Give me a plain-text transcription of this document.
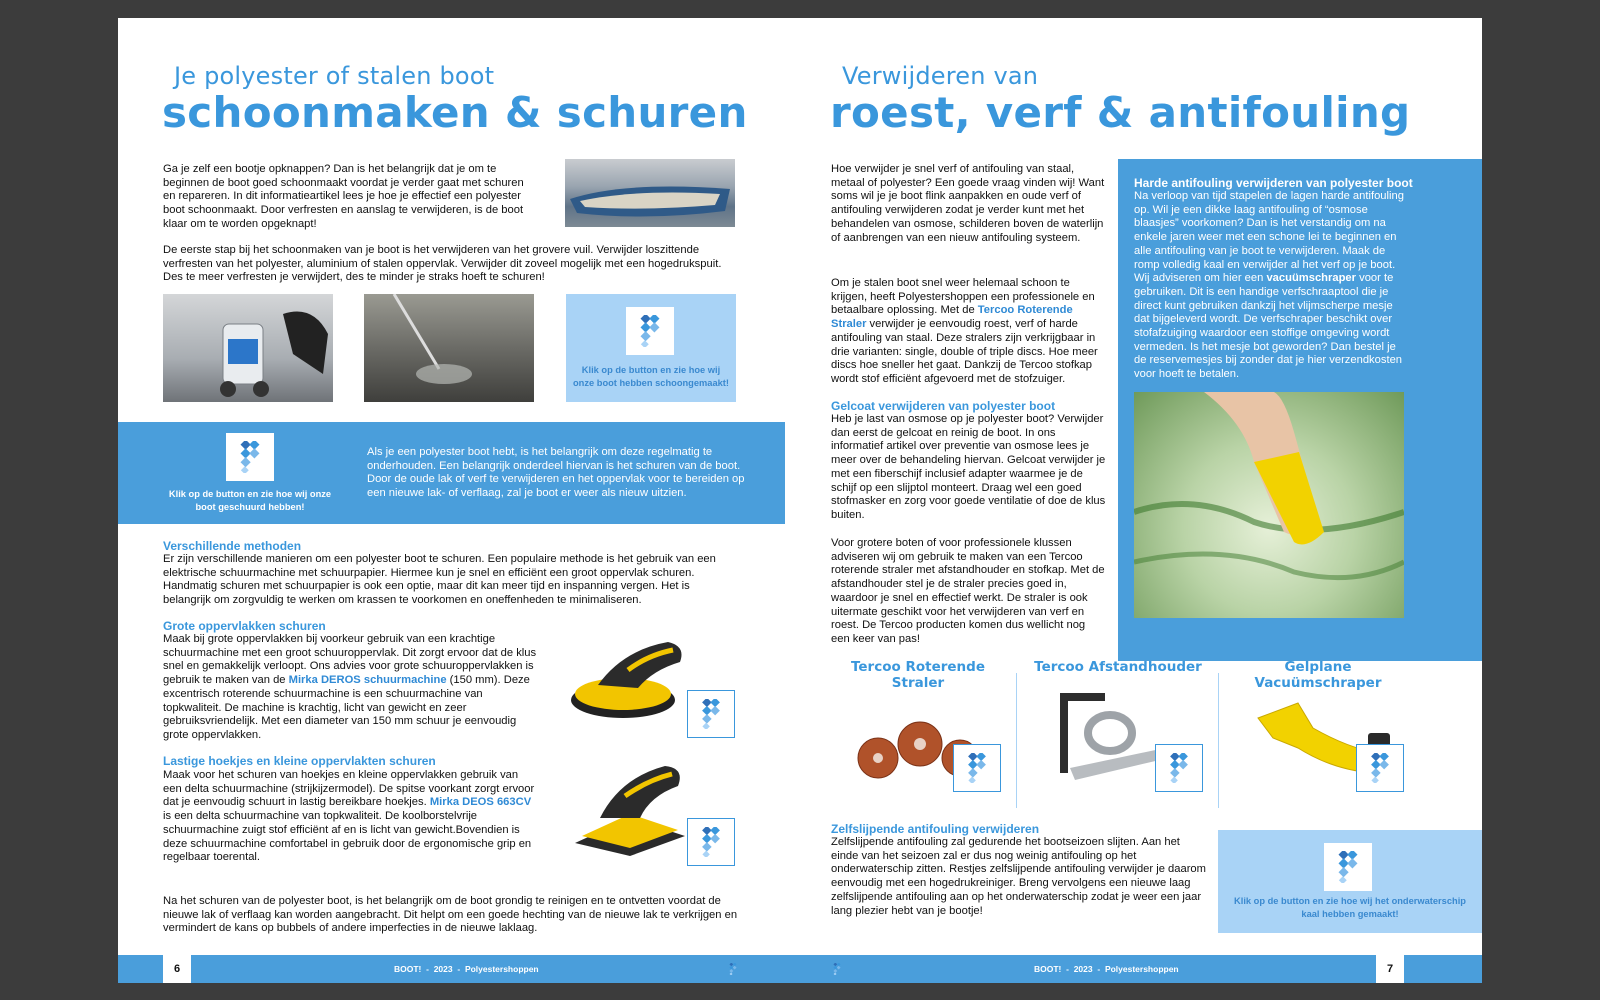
Je polyester of stalen boot
schoonmaken & schuren
Ga je zelf een bootje opknappen? Dan is het belangrijk dat je om te beginnen de boot goed schoonmaakt voordat je verder gaat met schuren en repareren. In dit informatieartikel lees je hoe je effectief een polyester boot schoonmaakt. Door verfresten en aanslag te verwijderen, is de boot klaar om te worden opgeknapt!
De eerste stap bij het schoonmaken van je boot is het verwijderen van het grovere vuil. Verwijder loszittende verfresten van het polyester, aluminium of stalen oppervlak. Verwijder dit zoveel mogelijk met een hogedrukspuit. Des te meer verfresten je verwijdert, des te minder je straks hoeft te schuren!
Klik op de button en zie hoe wij onze boot hebben schoongemaakt!
Klik op de button en zie hoe wij onze boot geschuurd hebben!
Als je een polyester boot hebt, is het belangrijk om deze regelmatig te onderhouden. Een belangrijk onderdeel hiervan is het schuren van de boot. Door de oude lak of verf te verwijderen en het oppervlak voor te bereiden op een nieuwe lak- of verflaag, zal je boot er weer als nieuw uitzien.
Verschillende methoden
Er zijn verschillende manieren om een polyester boot te schuren. Een populaire methode is het gebruik van een elektrische schuurmachine met schuurpapier. Hiermee kun je snel en efficiënt een groot oppervlak schuren. Handmatig schuren met schuurpapier is ook een optie, maar dit kan meer tijd en inspanning vergen. Het is belangrijk om zorgvuldig te werken om krassen te voorkomen en oneffenheden te minimaliseren.
Grote oppervlakken schuren
Maak bij grote oppervlakken bij voorkeur gebruik van een krachtige schuurmachine met een groot schuuroppervlak. Dit zorgt ervoor dat de klus snel en gemakkelijk verloopt. Ons advies voor grote schuuroppervlakken is gebruik te maken van de Mirka DEROS schuurmachine (150 mm). Deze excentrisch roterende schuurmachine is een schuurmachine van topkwaliteit. De machine is krachtig, licht van gewicht en zeer gebruiksvriendelijk. Met een diameter van 150 mm schuur je eenvoudig grote oppervlakken.
Lastige hoekjes en kleine oppervlakten schuren
Maak voor het schuren van hoekjes en kleine oppervlakken gebruik van een delta schuurmachine (strijkijzermodel). De spitse voorkant zorgt ervoor dat je eenvoudig schuurt in lastig bereikbare hoekjes. Mirka DEOS 663CV is een delta schuurmachine van topkwaliteit. De koolborstelvrije schuurmachine zuigt stof efficiënt af en is licht van gewicht.Bovendien is deze schuurmachine comfortabel in gebruik door de ergonomische grip en regelbaar toerental.
Na het schuren van de polyester boot, is het belangrijk om de boot grondig te reinigen en te ontvetten voordat de nieuwe lak of verflaag kan worden aangebracht. Dit helpt om een goede hechting van de nieuwe lak te verkrijgen en vermindert de kans op bubbels of andere imperfecties in de nieuwe laklaag.
Verwijderen van
roest, verf & antifouling
Hoe verwijder je snel verf of antifouling van staal, metaal of polyester? Een goede vraag vinden wij! Want soms wil je je boot flink aanpakken en oude verf of antifouling verwijderen zodat je verder kunt met het behandelen van osmose, schilderen boven de waterlijn of aanbrengen van een nieuw antifouling systeem.
Om je stalen boot snel weer helemaal schoon te krijgen, heeft Polyestershoppen een professionele en betaalbare oplossing. Met de Tercoo Roterende Straler verwijder je eenvoudig roest, verf of harde antifouling van staal. Deze stralers zijn verkrijgbaar in drie varianten: single, double of triple discs. Hoe meer discs hoe sneller het gaat. Dankzij de Tercoo stofkap wordt stof efficiënt afgevoerd met de stofzuiger.
Gelcoat verwijderen van polyester boot
Heb je last van osmose op je polyester boot? Verwijder dan eerst de gelcoat en reinig de boot. In ons informatief artikel over preventie van osmose lees je meer over de behandeling hiervan. Gelcoat verwijder je met een fiberschijf inclusief adapter waarmee je de schijf op een slijptol monteert. Draag wel een goed stofmasker en zorg voor goede ventilatie of doe de klus buiten.
Voor grotere boten of voor professionele klussen adviseren wij om gebruik te maken van een Tercoo roterende straler met afstandhouder en stofkap. Met de afstandhouder stel je de straler precies goed in, waardoor je snel en effectief werkt. De straler is ook uitermate geschikt voor het verwijderen van verf en roest. De Tercoo producten komen dus wellicht nog een keer van pas!
Harde antifouling verwijderen van polyester boot
Na verloop van tijd stapelen de lagen harde antifouling op. Wil je een dikke laag antifouling of “osmose blaasjes” voorkomen? Dan is het verstandig om na enkele jaren weer met een schone lei te beginnen en alle antifouling van je boot te verwijderen. Maak de romp volledig kaal en verwijder al het verf op je boot. Wij adviseren om hier een vacuümschraper voor te gebruiken. Dit is een handige verfschraaptool die je direct kunt gebruiken dankzij het vlijmscherpe mesje dat bijgeleverd wordt. De verfschraper beschikt over stofafzuiging waardoor een stoffige omgeving wordt vermeden. Is het mesje bot geworden? Dan bestel je de reservemesjes bij zonder dat je hier verzendkosten voor hoeft te betalen.
Tercoo Roterende Straler
Tercoo Afstandhouder	Gelplane Vacuümschraper
Zelfslijpende antifouling verwijderen
Zelfslijpende antifouling zal gedurende het bootseizoen slijten. Aan het einde van het seizoen zal er dus nog weinig antifouling op het onderwaterschip zitten. Restjes zelfslijpende antifouling verwijder je daarom eenvoudig met een hogedrukreiniger. Breng vervolgens een nieuwe laag zelfslijpende antifouling aan op het onderwaterschip zodat je weer een jaar lang plezier hebt van je bootje!
Klik op de button en zie hoe wij het onderwaterschip kaal hebben gemaakt!
BOOT! - 2023 - Polyestershoppen
6	BOOT! - 2023 - Polyestershoppen	7
